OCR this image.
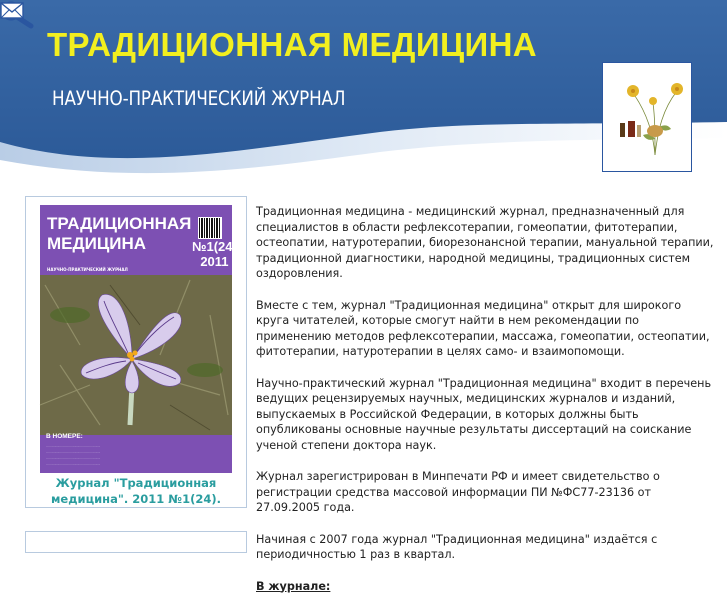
ТРАДИЦИОННАЯ МЕДИЦИНА
НАУЧНО-ПРАКТИЧЕСКИЙ ЖУРНАЛ
ТРАДИЦИОННАЯ
МЕДИЦИНА
НАУЧНО-ПРАКТИЧЕСКИЙ ЖУРНАЛ
№1(24)
2011
В НОМЕРЕ:
·························································
·························································
·························································
·························································
Журнал "Традиционная медицина". 2011 №1(24).

Традиционная медицина - медицинский журнал, предназначенный для специалистов в области рефлексотерапии, гомеопатии, фитотерапии, остеопатии, натуротерапии, биорезонансной терапии, мануальной терапии, традиционной диагностики, народной медицины, традиционных систем оздоровления.

Вместе с тем, журнал "Традиционная медицина" открыт для широкого круга читателей, которые смогут найти в нем рекомендации по применению методов рефлексотерапии, массажа, гомеопатии, остеопатии, фитотерапии, натуротерапии в целях само- и взаимопомощи.

Научно-практический журнал "Традиционная медицина" входит в перечень ведущих рецензируемых научных, медицинских журналов и изданий, выпускаемых в Российской Федерации, в которых должны быть опубликованы основные научные результаты диссертаций на соискание ученой степени доктора наук.

Журнал зарегистрирован в Минпечати РФ и имеет свидетельство о регистрации средства массовой информации ПИ №ФС77-23136 от 27.09.2005 года.

Начиная с 2007 года журнал "Традиционная медицина" издаётся с периодичностью 1 раз в квартал.

В журнале:
